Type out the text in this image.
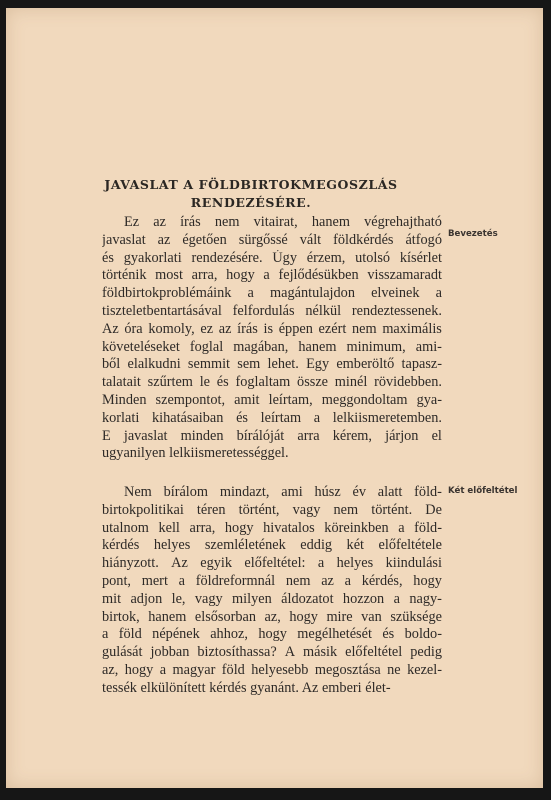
JAVASLAT A FÖLDBIRTOKMEGOSZLÁS
RENDEZÉSÉRE.
Bevezetés
Ez az írás nem vitairat, hanem végrehajtható
javaslat az égetően sürgőssé vált földkérdés átfogó
és gyakorlati rendezésére. Úgy érzem, utolsó kísérlet
történik most arra, hogy a fejlődésükben visszamaradt
földbirtokproblémáink a magántulajdon elveinek a
tiszteletbentartásával felfordulás nélkül rendeztessenek.
Az óra komoly, ez az írás is éppen ezért nem maximális
követeléseket foglal magában, hanem minimum, ami-
ből elalkudni semmit sem lehet. Egy emberöltő tapasz-
talatait szűrtem le és foglaltam össze minél rövidebben.
Minden szempontot, amit leírtam, meggondoltam gya-
korlati kihatásaiban és leírtam a lelkiismeretemben.
E javaslat minden bírálóját arra kérem, járjon el
ugyanilyen lelkiismeretességgel.
Két előfeltétel
Nem bírálom mindazt, ami húsz év alatt föld-
birtokpolitikai téren történt, vagy nem történt. De
utalnom kell arra, hogy hivatalos köreinkben a föld-
kérdés helyes szemléletének eddig két előfeltétele
hiányzott. Az egyik előfeltétel: a helyes kiindulási
pont, mert a földreformnál nem az a kérdés, hogy
mit adjon le, vagy milyen áldozatot hozzon a nagy-
birtok, hanem elsősorban az, hogy mire van szüksége
a föld népének ahhoz, hogy megélhetését és boldo-
gulását jobban biztosíthassa? A másik előfeltétel pedig
az, hogy a magyar föld helyesebb megosztása ne kezel-
tessék elkülönített kérdés gyanánt. Az emberi élet-
